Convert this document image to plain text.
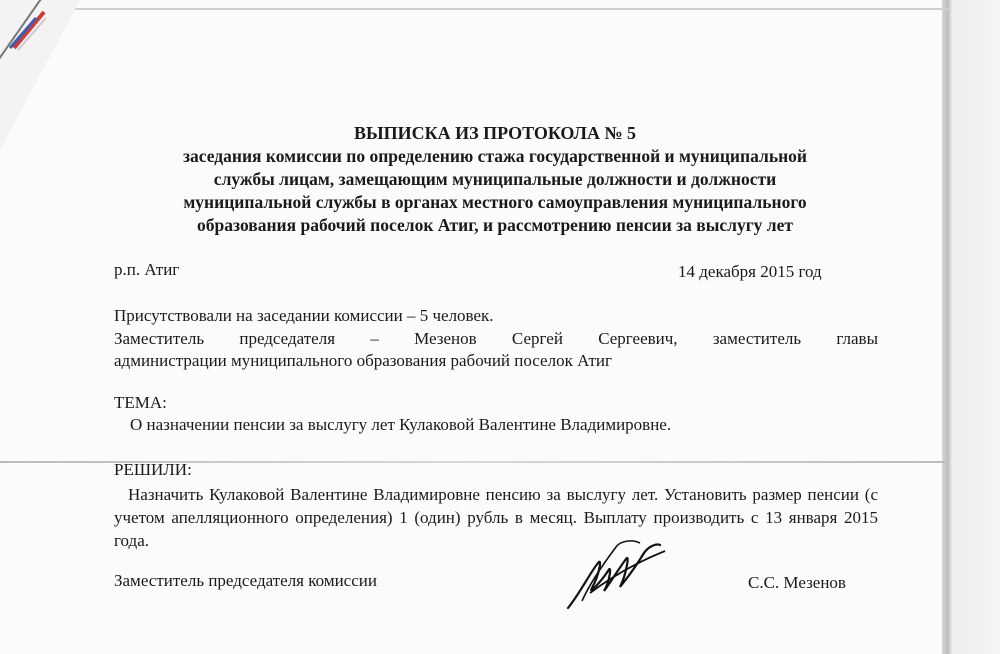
ВЫПИСКА ИЗ ПРОТОКОЛА № 5
заседания комиссии по определению стажа государственной и муниципальной
службы лицам, замещающим муниципальные должности и должности
муниципальной службы в органах местного самоуправления муниципального
образования рабочий поселок Атиг, и рассмотрению пенсии за выслугу лет
р.п. Атиг	14 декабря 2015 год
Присутствовали на заседании комиссии – 5 человек.
Заместитель председателя – Мезенов Сергей Сергеевич, заместитель главы
администрации муниципального образования рабочий поселок Атиг
ТЕМА:
О назначении пенсии за выслугу лет Кулаковой Валентине Владимировне.
РЕШИЛИ:
Назначить Кулаковой Валентине Владимировне пенсию за выслугу лет. Установить размер пенсии (с учетом апелляционного определения) 1 (один) рубль в месяц. Выплату производить с 13 января 2015 года.
Заместитель председателя комиссии	С.С. Мезенов
